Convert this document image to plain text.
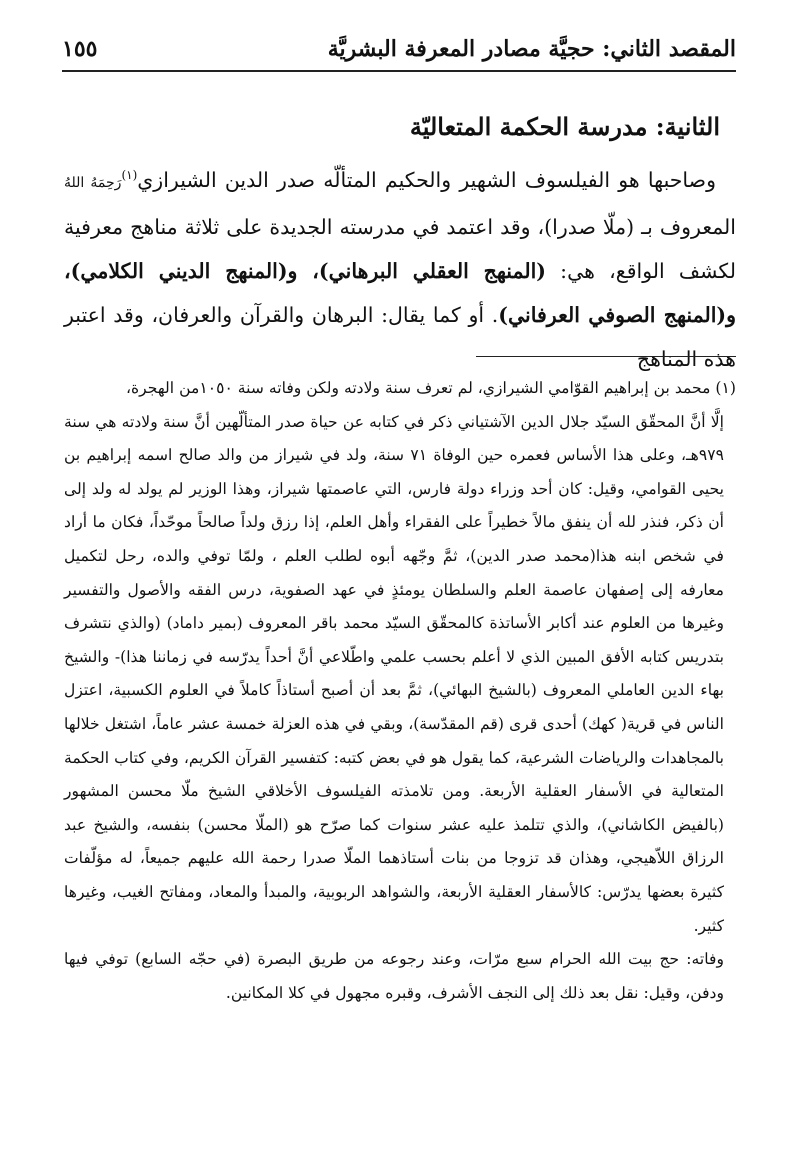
المقصد الثاني: حجيَّة مصادر المعرفة البشريَّة
١٥٥
الثانية: مدرسة الحكمة المتعاليّة

وصاحبها هو الفيلسوف الشهير والحكيم المتألّه صدر الدين الشيرازي$^{(١)}$رَحِمَهُ اللهُ المعروف بـ (ملّا صدرا)، وقد اعتمد في مدرسته الجديدة على ثلاثة مناهج معرفية لكشف الواقع، هي: (المنهج العقلي البرهاني)، و(المنهج الديني الكلامي)، و(المنهج الصوفي العرفاني). أو كما يقال: البرهان والقرآن والعرفان، وقد اعتبر هذه المناهج

(١) محمد بن إبراهيم القوّامي الشيرازي، لم تعرف سنة ولادته ولكن وفاته سنة ١٠٥٠من الهجرة،

إلَّا أنَّ المحقّق السيّد جلال الدين الآشتياني ذكر في كتابه عن حياة صدر المتألّهين أنَّ سنة ولادته هي سنة ٩٧٩هـ، وعلى هذا الأساس فعمره حين الوفاة ٧١ سنة، ولد في شيراز من والد صالح اسمه إبراهيم بن يحيى القوامي، وقيل: كان أحد وزراء دولة فارس، التي عاصمتها شيراز، وهذا الوزير لم يولد له ولد إلى أن ذكر، فنذر لله أن ينفق مالاً خطيراً على الفقراء وأهل العلم، إذا رزق ولداً صالحاً موحّداً، فكان ما أراد في شخص ابنه هذا(محمد صدر الدين)، ثمَّ وجّهه أبوه لطلب العلم ، ولمّا توفي والده، رحل لتكميل معارفه إلى إصفهان عاصمة العلم والسلطان يومئذٍ في عهد الصفوية، درس الفقه والأصول والتفسير وغيرها من العلوم عند أكابر الأساتذة كالمحقّق السيّد محمد باقر المعروف (بمير داماد) (والذي نتشرف بتدريس كتابه الأفق المبين الذي لا أعلم بحسب علمي واطّلاعي أنَّ أحداً يدرّسه في زماننا هذا)- والشيخ بهاء الدين العاملي المعروف (بالشيخ البهائي)، ثمَّ بعد أن أصبح أستاذاً كاملاً في العلوم الكسبية، اعتزل الناس في قرية( كهك) أحدى قرى (قم المقدّسة)، وبقي في هذه العزلة خمسة عشر عاماً، اشتغل خلالها بالمجاهدات والرياضات الشرعية، كما يقول هو في بعض كتبه: كتفسير القرآن الكريم، وفي كتاب الحكمة المتعالية في الأسفار العقلية الأربعة. ومن تلامذته الفيلسوف الأخلاقي الشيخ ملّا محسن المشهور (بالفيض الكاشاني)، والذي تتلمذ عليه عشر سنوات كما صرّح هو (الملّا محسن) بنفسه، والشيخ عبد الرزاق اللاّهيجي، وهذان قد تزوجا من بنات أستاذهما الملّا صدرا رحمة الله عليهم جميعاً، له مؤلّفات كثيرة بعضها يدرّس: كالأسفار العقلية الأربعة، والشواهد الربوبية، والمبدأ والمعاد، ومفاتح الغيب، وغيرها كثير.

وفاته: حج بيت الله الحرام سبع مرّات، وعند رجوعه من طريق البصرة (في حجّه السابع) توفي فيها ودفن، وقيل: نقل بعد ذلك إلى النجف الأشرف، وقبره مجهول في كلا المكانين.
